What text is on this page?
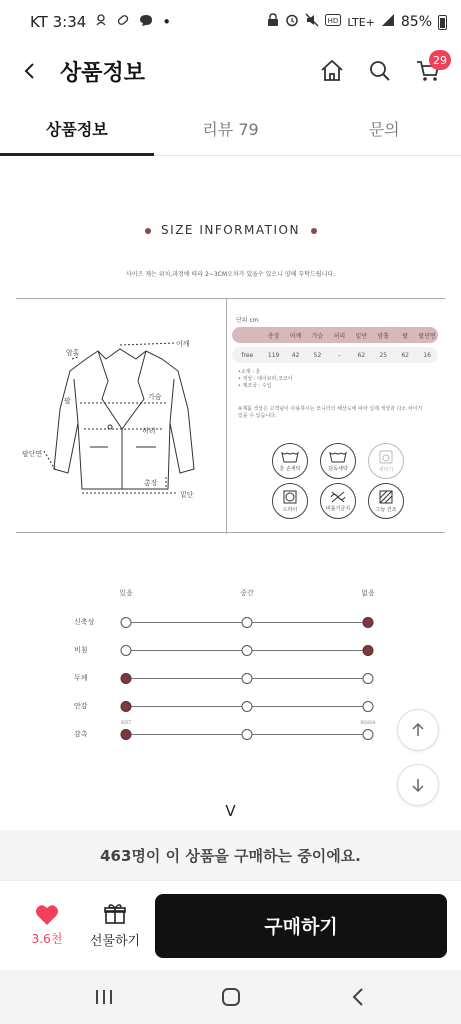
KT 3:34	•	HD LTE+ 85%
상품정보
29
상품정보	리뷰 79	문의
SIZE INFORMATION
사이즈 재는 위치,과정에 따라 2~3CM오차가 있을수 있으니 양해 부탁드립니다.
어깨
암홀
팔	가슴
허리
팔단면
총장
밑단
단위 cm
총장	어깨	가슴	허리	밑단	암홀	팔	팔단면
free	119	42	52	-	62	25	62	16
•소재 : 울
• 색상 : 데이브라,코코아
• 제조국 : 수입
※제품 색상은 고객님이 사용하시는 모니터의 해상도에 따라 실제 색상과 다소 차이가 있을 수 있습니다.
울 손세탁	단독세탁	세탁기
드라이	비틀기금지	그늘 건조
있음	중간	없음
신축성
비침
두께
안감
SOFT	ROUGH
감촉
V
463명이 이 상품을 구매하는 중이에요.
3.6천 선물하기
구매하기
